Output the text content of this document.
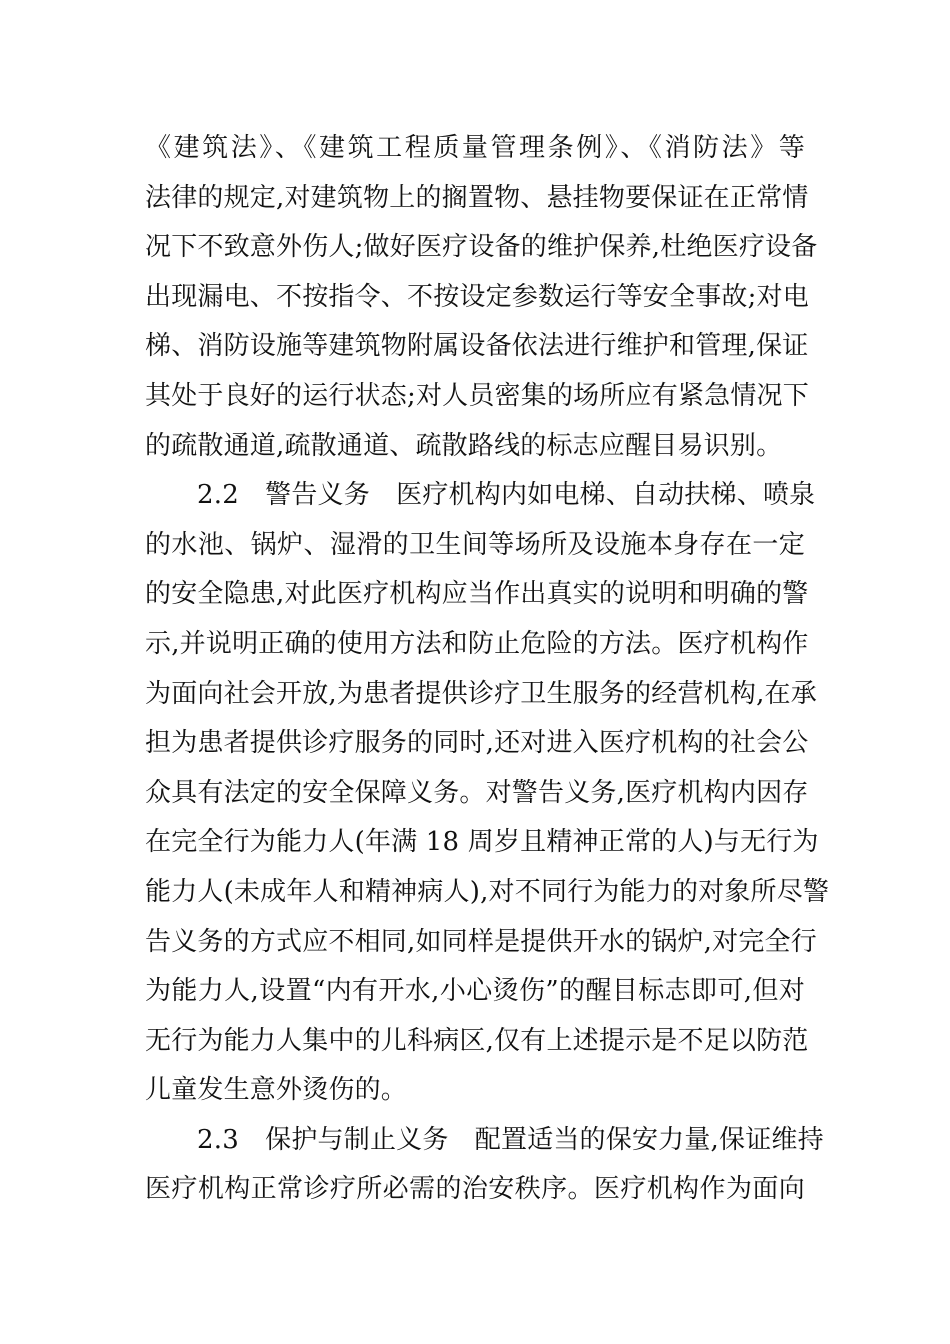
《建筑法》、《建筑工程质量管理条例》、《消防法》等
法律的规定,对建筑物上的搁置物、悬挂物要保证在正常情
况下不致意外伤人;做好医疗设备的维护保养,杜绝医疗设备
出现漏电、不按指令、不按设定参数运行等安全事故;对电
梯、消防设施等建筑物附属设备依法进行维护和管理,保证
其处于良好的运行状态;对人员密集的场所应有紧急情况下
的疏散通道,疏散通道、疏散路线的标志应醒目易识别。
2.2　警告义务　医疗机构内如电梯、自动扶梯、喷泉
的水池、锅炉、湿滑的卫生间等场所及设施本身存在一定
的安全隐患,对此医疗机构应当作出真实的说明和明确的警
示,并说明正确的使用方法和防止危险的方法。医疗机构作
为面向社会开放,为患者提供诊疗卫生服务的经营机构,在承
担为患者提供诊疗服务的同时,还对进入医疗机构的社会公
众具有法定的安全保障义务。对警告义务,医疗机构内因存
在完全行为能力人(年满 18 周岁且精神正常的人)与无行为
能力人(未成年人和精神病人),对不同行为能力的对象所尽警
告义务的方式应不相同,如同样是提供开水的锅炉,对完全行
为能力人,设置“内有开水,小心烫伤”的醒目标志即可,但对
无行为能力人集中的儿科病区,仅有上述提示是不足以防范
儿童发生意外烫伤的。
2.3　保护与制止义务　配置适当的保安力量,保证维持
医疗机构正常诊疗所必需的治安秩序。医疗机构作为面向
